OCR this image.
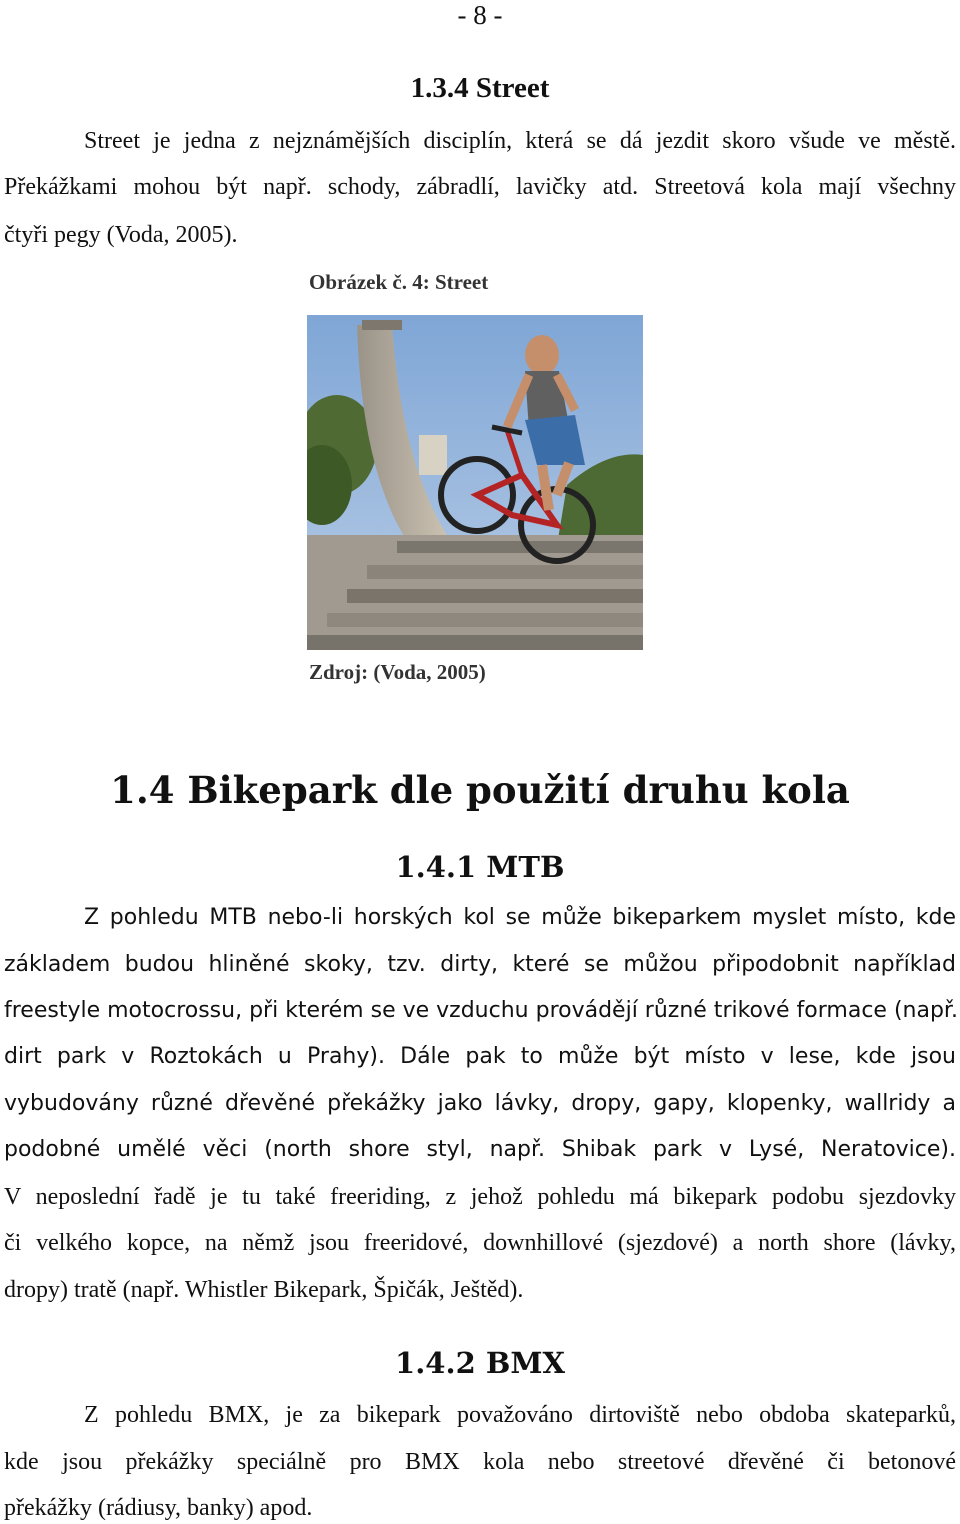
- 8 -
1.3.4 Street
Street je jedna z nejznámějších disciplín, která se dá jezdit skoro všude ve městě.
Překážkami mohou být např. schody, zábradlí, lavičky atd. Streetová kola mají všechny
čtyři pegy (Voda, 2005).
Obrázek č. 4: Street
Zdroj: (Voda, 2005)
1.4 Bikepark dle použití druhu kola
1.4.1 MTB
Z pohledu MTB nebo-li horských kol se může bikeparkem myslet místo, kde
základem budou hliněné skoky, tzv. dirty, které se můžou připodobnit například
freestyle motocrossu, při kterém se ve vzduchu provádějí různé trikové formace (např.
dirt park v Roztokách u Prahy). Dále pak to může být místo v lese, kde jsou
vybudovány různé dřevěné překážky jako lávky, dropy, gapy, klopenky, wallridy a
podobné umělé věci (north shore styl, např. Shibak park v Lysé, Neratovice).
V neposlední řadě je tu také freeriding, z jehož pohledu má bikepark podobu sjezdovky
či velkého kopce, na němž jsou freeridové, downhillové (sjezdové) a north shore (lávky,
dropy) tratě (např. Whistler Bikepark, Špičák, Ještěd).
1.4.2 BMX
Z pohledu BMX, je za bikepark považováno dirtoviště nebo obdoba skateparků,
kde jsou překážky speciálně pro BMX kola nebo streetové dřevěné či betonové
překážky (rádiusy, banky) apod.
